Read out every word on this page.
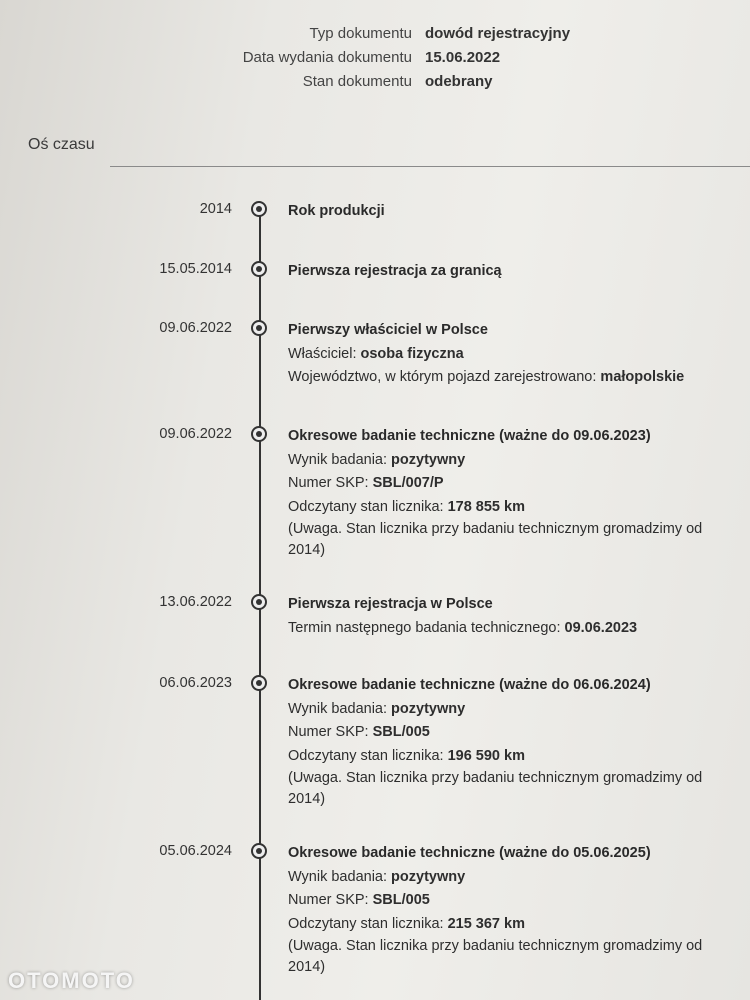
Typ dokumentu dowód rejestracyjny
Data wydania dokumentu 15.06.2022
Stan dokumentu odebrany
Oś czasu
2014	Rok produkcji
15.05.2014	Pierwsza rejestracja za granicą
09.06.2022	Pierwszy właściciel w Polsce
Właściciel: osoba fizyczna
Województwo, w którym pojazd zarejestrowano: małopolskie
09.06.2022	Okresowe badanie techniczne (ważne do 09.06.2023)
Wynik badania: pozytywny
Numer SKP: SBL/007/P
Odczytany stan licznika: 178 855 km
(Uwaga. Stan licznika przy badaniu technicznym gromadzimy od 2014)
13.06.2022	Pierwsza rejestracja w Polsce
Termin następnego badania technicznego: 09.06.2023
06.06.2023	Okresowe badanie techniczne (ważne do 06.06.2024)
Wynik badania: pozytywny
Numer SKP: SBL/005
Odczytany stan licznika: 196 590 km
(Uwaga. Stan licznika przy badaniu technicznym gromadzimy od 2014)
05.06.2024	Okresowe badanie techniczne (ważne do 05.06.2025)
Wynik badania: pozytywny
Numer SKP: SBL/005
Odczytany stan licznika: 215 367 km
(Uwaga. Stan licznika przy badaniu technicznym gromadzimy od 2014)
OTOMOTO
